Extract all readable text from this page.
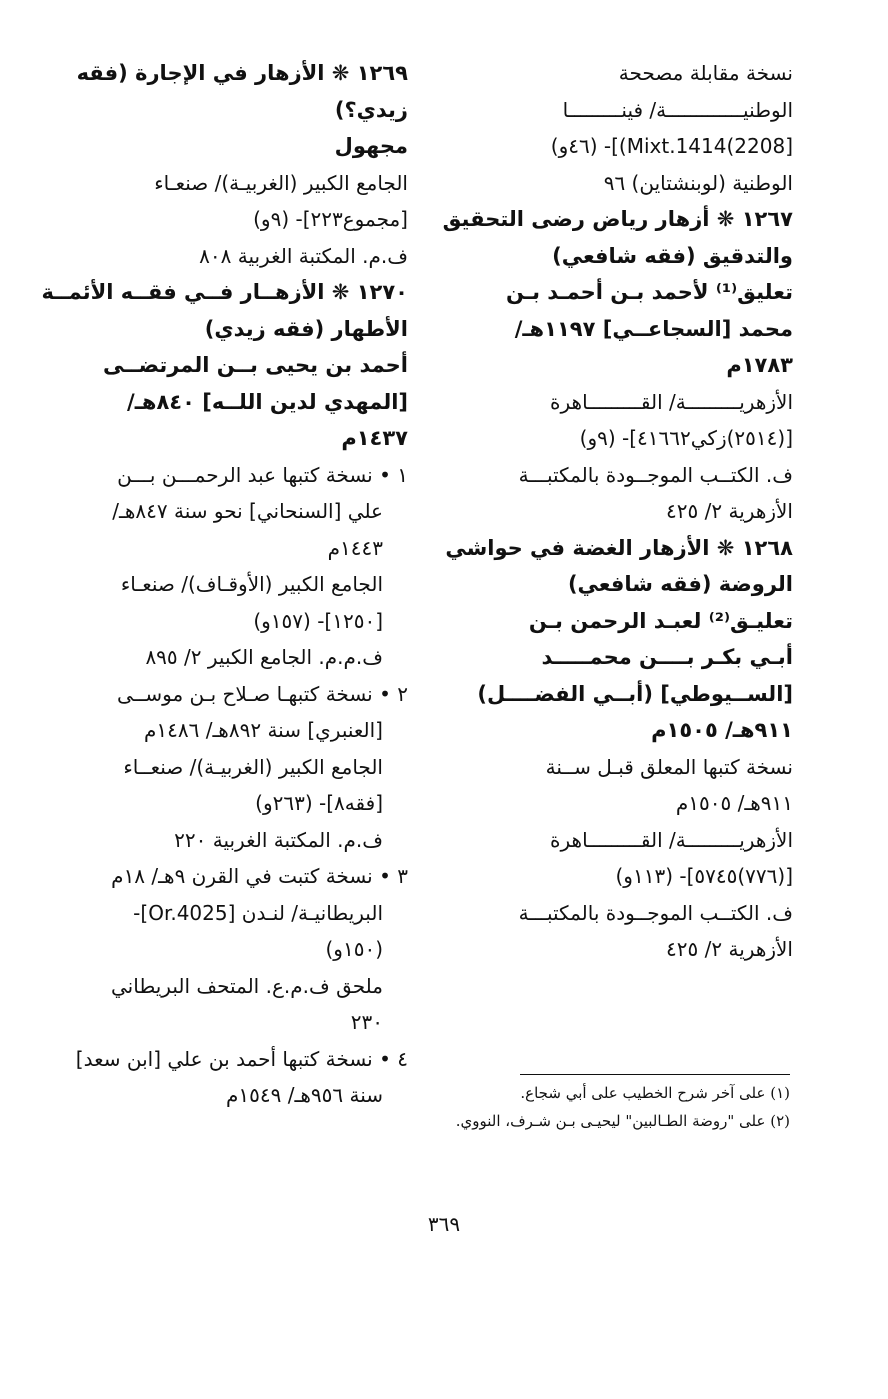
نسخة مقابلة مصححة
الوطنيـــــــــــــة/ فينـــــــــا
[2208)Mixt.1414)]- (٤٦و)
الوطنية (لوبنشتاين) ٩٦
١٢٦٧ ❋ أزهار رياض رضى التحقيق
والتدقيق (فقه شافعي)
تعليق⁽¹⁾ لأحمد بـن أحمـد بـن
محمد [السجاعــي] ١١٩٧هـ/
١٧٨٣م
الأزهريـــــــــة/ القـــــــــاهرة
[(٢٥١٤)زكي٤١٦٦٢]- (٩و)
ف. الكتــب الموجــودة بالمكتبـــة
الأزهرية ٢/ ٤٢٥
١٢٦٨ ❋ الأزهار الغضة في حواشي
الروضة (فقه شافعي)
تعليـق⁽²⁾ لعبـد الرحمن بـن
أبـي بكـر بــــن محمـــــد
[الســيوطي] (أبــي الفضــــل)
٩١١هـ/ ١٥٠٥م
نسخة كتبها المعلق قبـل ســنة
٩١١هـ/ ١٥٠٥م
الأزهريـــــــــة/ القـــــــــاهرة
[(٧٧٦)٥٧٤٥]- (١١٣و)
ف. الكتــب الموجــودة بالمكتبـــة
الأزهرية ٢/ ٤٢٥
١٢٦٩ ❋ الأزهار في الإجارة (فقه
زيدي؟)
مجهول
الجامع الكبير (الغربيـة)/ صنعـاء
[مجموع٢٢٣]- (٩و)
ف.م. المكتبة الغربية ٨٠٨
١٢٧٠ ❋ الأزهــار فــي فقــه الأئمــة
الأطهار (فقه زيدي)
أحمد بن يحيى بــن المرتضــى
[المهدي لدين اللــه] ٨٤٠هـ/
١٤٣٧م
١ • نسخة كتبها عبد الرحمـــن بـــن
علي [السنحاني] نحو سنة ٨٤٧هـ/
١٤٤٣م
الجامع الكبير (الأوقـاف)/ صنعـاء
[١٢٥٠]- (١٥٧و)
ف.م.م. الجامع الكبير ٢/ ٨٩٥
٢ • نسخة كتبهـا صـلاح بـن موســى
[العنبري] سنة ٨٩٢هـ/ ١٤٨٦م
الجامع الكبير (الغربيـة)/ صنعــاء
[فقه٨]- (٢٦٣و)
ف.م. المكتبة الغربية ٢٢٠
٣ • نسخة كتبت في القرن ٩هـ/ ١٨م
البريطانيـة/ لنـدن [Or.4025]-
(١٥٠و)
ملحق ف.م.ع. المتحف البريطاني
٢٣٠
٤ • نسخة كتبها أحمد بن علي [ابن سعد]
سنة ٩٥٦هـ/ ١٥٤٩م	(١) على آخر شرح الخطيب على أبي شجاع.
(٢) على "روضة الطـالبين" ليحيـى بـن شـرف، النووي.
٣٦٩
